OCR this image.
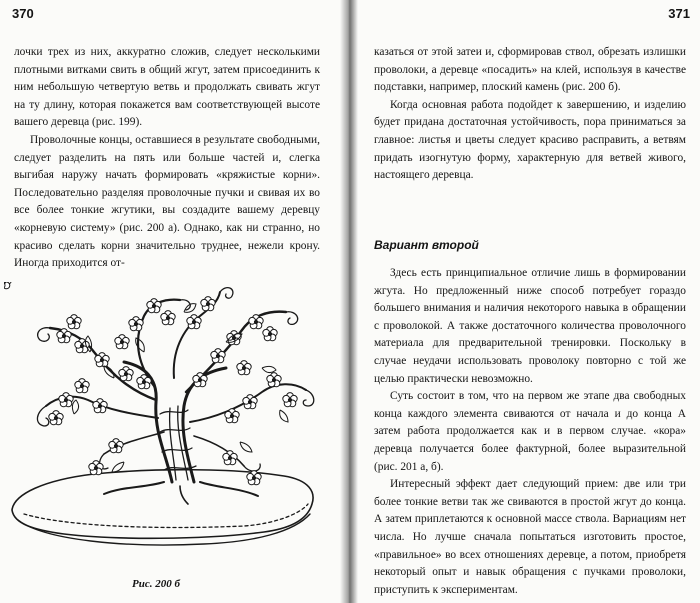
370	371

лочки трех из них, аккуратно сложив, следует несколькими плотными витками свить в общий жгут, затем присоединить к ним небольшую четвертую ветвь и продолжать свивать жгут на ту длину, которая покажется вам соответствующей высоте вашего деревца (рис. 199).

Проволочные концы, оставшиеся в результате свободными, следует разделить на пять или больше частей и, слегка выгибая наружу начать формировать «кряжистые корни». Последовательно разделяя проволочные пучки и свивая их во все более тонкие жгутики, вы создадите вашему деревцу «корневую систему» (рис. 200 а). Однако, как ни странно, но красиво сделать корни значительно труднее, нежели крону. Иногда приходится от-

Рис. 200 б

казаться от этой затеи и, сформировав ствол, обрезать излишки проволоки, а деревце «посадить» на клей, используя в качестве подставки, например, плоский камень (рис. 200 б).

Когда основная работа подойдет к завершению, и изделию будет придана достаточная устойчивость, пора приниматься за главное: листья и цветы следует красиво расправить, а ветвям придать изогнутую форму, характерную для ветвей живого, настоящего деревца.

Вариант второй

Здесь есть принципиальное отличие лишь в формировании жгута. Но предложенный ниже способ потребует гораздо большего внимания и наличия некоторого навыка в обращении с проволокой. А также достаточного количества проволочного материала для предварительной тренировки. Поскольку в случае неудачи использовать проволоку повторно с той же целью практически невозможно.

Суть состоит в том, что на первом же этапе два свободных конца каждого элемента свиваются от начала и до конца А затем работа продолжается как и в первом случае. «кора» деревца получается более фактурной, более выразительной (рис. 201 а, б).

Интересный эффект дает следующий прием: две или три более тонкие ветви так же свиваются в простой жгут до конца. А затем приплетаются к основной массе ствола. Вариациям нет числа. Но лучше сначала попытаться изготовить простое, «правильное» во всех отношениях деревце, а потом, приобретя некоторый опыт и навык обращения с пучками проволоки, приступить к экспериментам.
